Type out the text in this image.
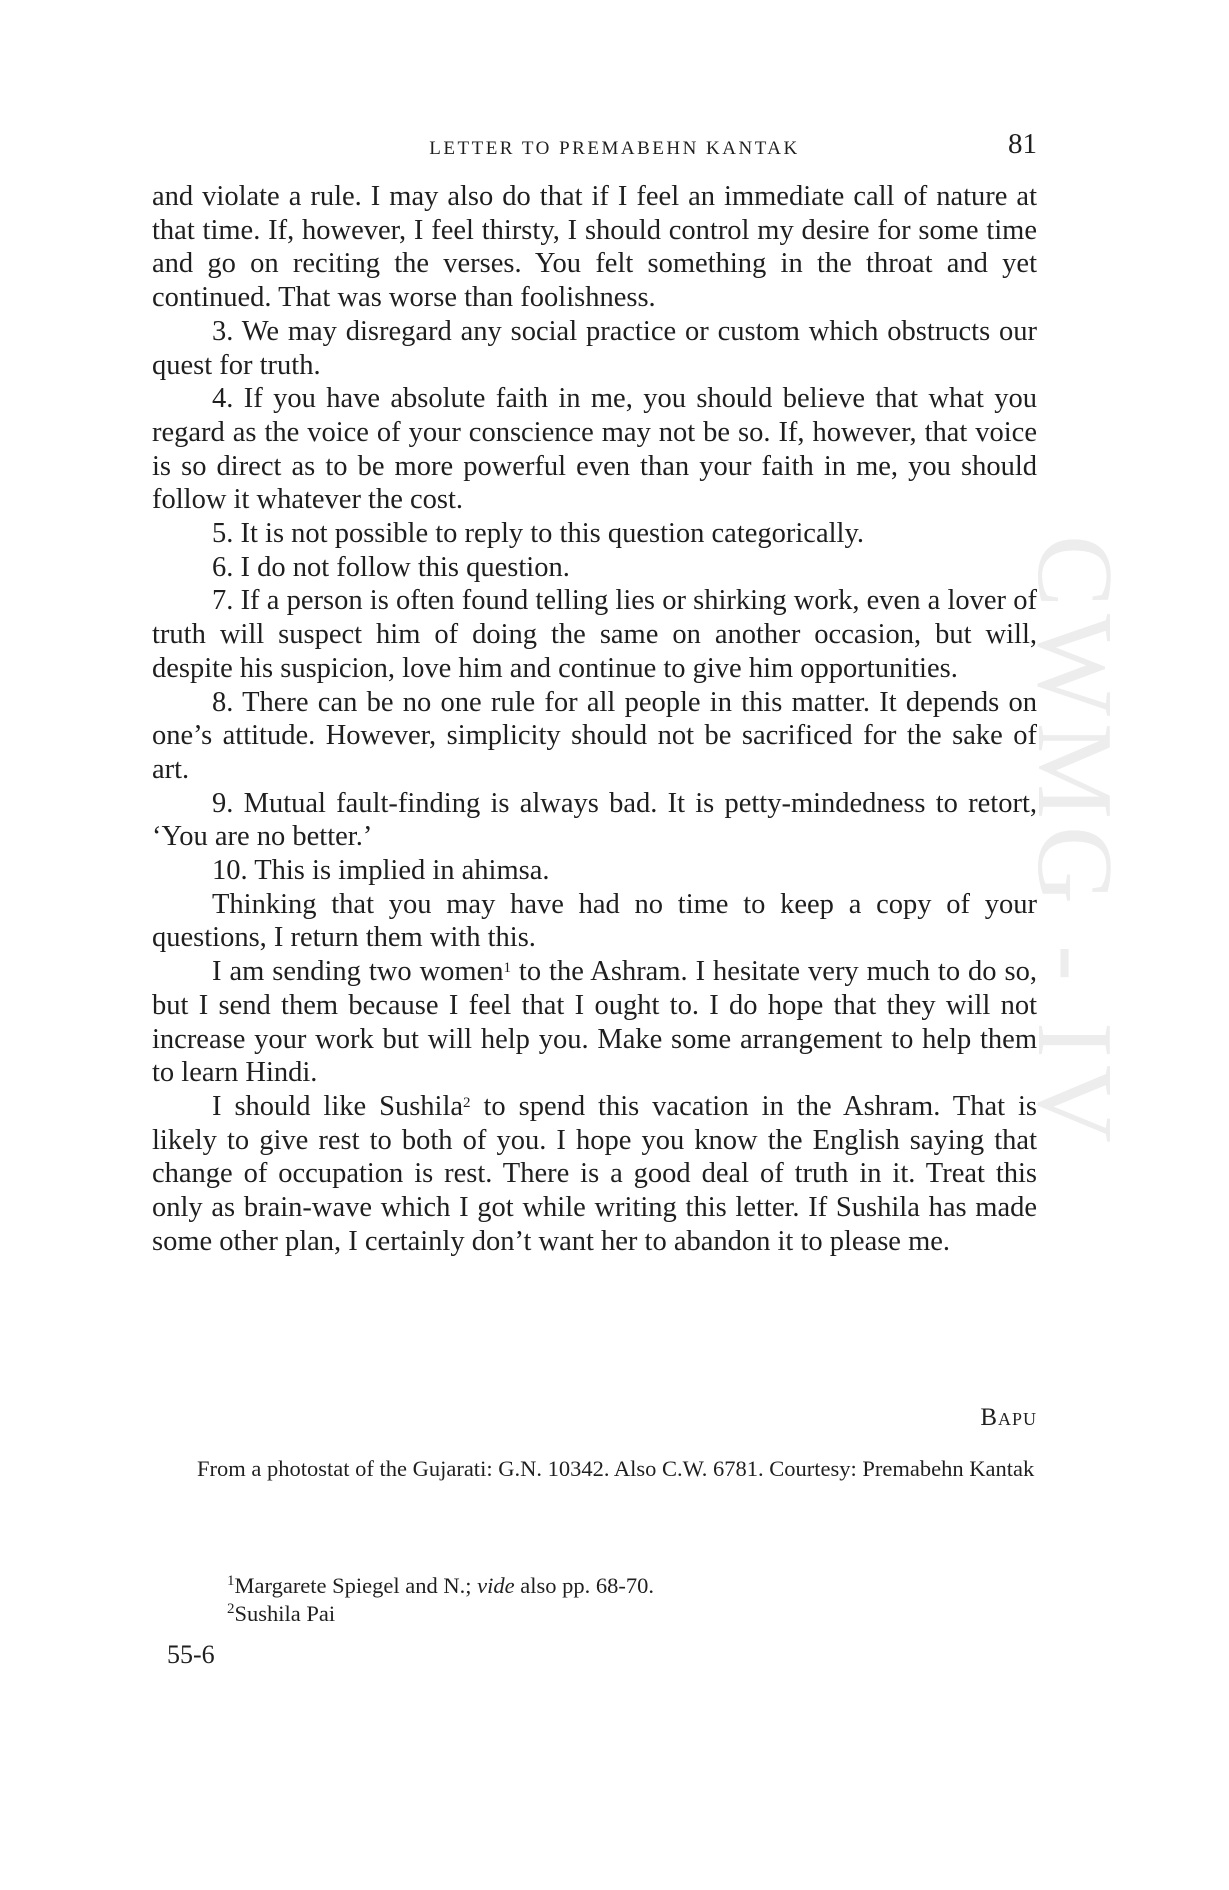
CWMG - IV
LETTER TO PREMABEHN KANTAK	81

and violate a rule. I may also do that if I feel an immediate call of nature at that time. If, however, I feel thirsty, I should control my desire for some time and go on reciting the verses. You felt something in the throat and yet continued. That was worse than foolishness.

3. We may disregard any social practice or custom which obstructs our quest for truth.

4. If you have absolute faith in me, you should believe that what you regard as the voice of your conscience may not be so. If, however, that voice is so direct as to be more powerful even than your faith in me, you should follow it whatever the cost.

5. It is not possible to reply to this question categorically.

6. I do not follow this question.

7. If a person is often found telling lies or shirking work, even a lover of truth will suspect him of doing the same on another occasion, but will, despite his suspicion, love him and continue to give him opportunities.

8. There can be no one rule for all people in this matter. It depends on one’s attitude. However, simplicity should not be sacrificed for the sake of art.

9. Mutual fault-finding is always bad. It is petty-mindedness to retort, ‘You are no better.’

10. This is implied in ahimsa.

Thinking that you may have had no time to keep a copy of your questions, I return them with this.

I am sending two women$^1$ to the Ashram. I hesitate very much to do so, but I send them because I feel that I ought to. I do hope that they will not increase your work but will help you. Make some arrangement to help them to learn Hindi.

I should like Sushila$^2$ to spend this vacation in the Ashram. That is likely to give rest to both of you. I hope you know the English saying that change of occupation is rest. There is a good deal of truth in it. Treat this only as brain-wave which I got while writing this letter. If Sushila has made some other plan, I certainly don’t want her to abandon it to please me.

Bapu
From a photostat of the Gujarati: G.N. 10342. Also C.W. 6781. Courtesy: Premabehn Kantak

$^1$Margarete Spiegel and N.; vide also pp. 68-70.

$^2$Sushila Pai

55-6
